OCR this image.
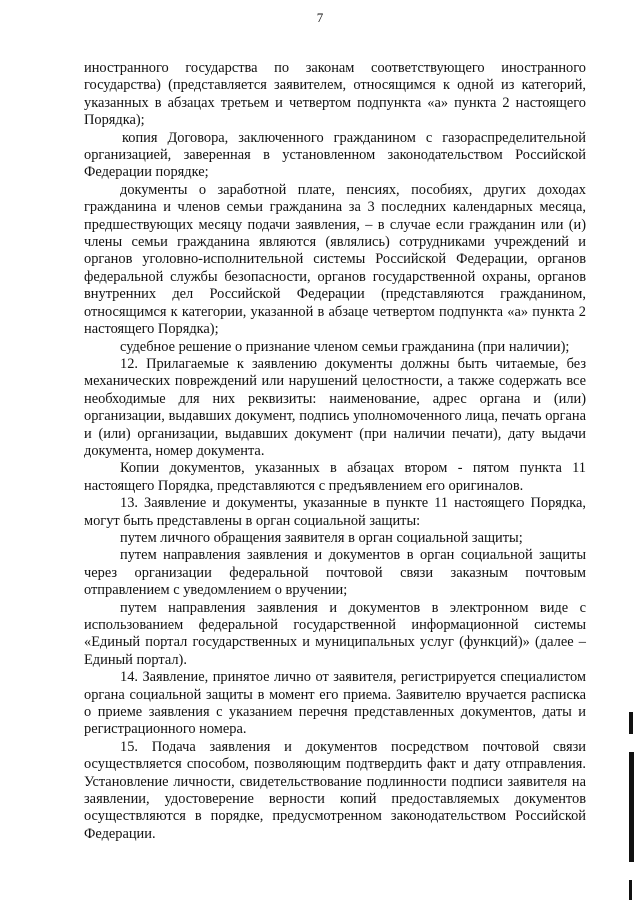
7

иностранного государства по законам соответствующего иностранного государства) (представляется заявителем, относящимся к одной из категорий, указанных в абзацах третьем и четвертом подпункта «а» пункта 2 настоящего Порядка);

копия Договора, заключенного гражданином с газораспределительной организацией, заверенная в установленном законодательством Российской Федерации порядке;

документы о заработной плате, пенсиях, пособиях, других доходах гражданина и членов семьи гражданина за 3 последних календарных месяца, предшествующих месяцу подачи заявления, – в случае если гражданин или (и) члены семьи гражданина являются (являлись) сотрудниками учреждений и органов уголовно-исполнительной системы Российской Федерации, органов федеральной службы безопасности, органов государственной охраны, органов внутренних дел Российской Федерации (представляются гражданином, относящимся к категории, указанной в абзаце четвертом подпункта «а» пункта 2 настоящего Порядка);

судебное решение о признание членом семьи гражданина (при наличии);

12. Прилагаемые к заявлению документы должны быть читаемые, без механических повреждений или нарушений целостности, а также содержать все необходимые для них реквизиты: наименование, адрес органа и (или) организации, выдавших документ, подпись уполномоченного лица, печать органа и (или) организации, выдавших документ (при наличии печати), дату выдачи документа, номер документа.

Копии документов, указанных в абзацах втором - пятом пункта 11 настоящего Порядка, представляются с предъявлением его оригиналов.

13. Заявление и документы, указанные в пункте 11 настоящего Порядка, могут быть представлены в орган социальной защиты:

путем личного обращения заявителя в орган социальной защиты;

путем направления заявления и документов в орган социальной защиты через организации федеральной почтовой связи заказным почтовым отправлением с уведомлением о вручении;

путем направления заявления и документов в электронном виде с использованием федеральной государственной информационной системы «Единый портал государственных и муниципальных услуг (функций)» (далее – Единый портал).

14. Заявление, принятое лично от заявителя, регистрируется специалистом органа социальной защиты в момент его приема. Заявителю вручается расписка о приеме заявления с указанием перечня представленных документов, даты и регистрационного номера.

15. Подача заявления и документов посредством почтовой связи осуществляется способом, позволяющим подтвердить факт и дату отправления. Установление личности, свидетельствование подлинности подписи заявителя на заявлении, удостоверение верности копий предоставляемых документов осуществляются в порядке, предусмотренном законодательством Российской Федерации.
